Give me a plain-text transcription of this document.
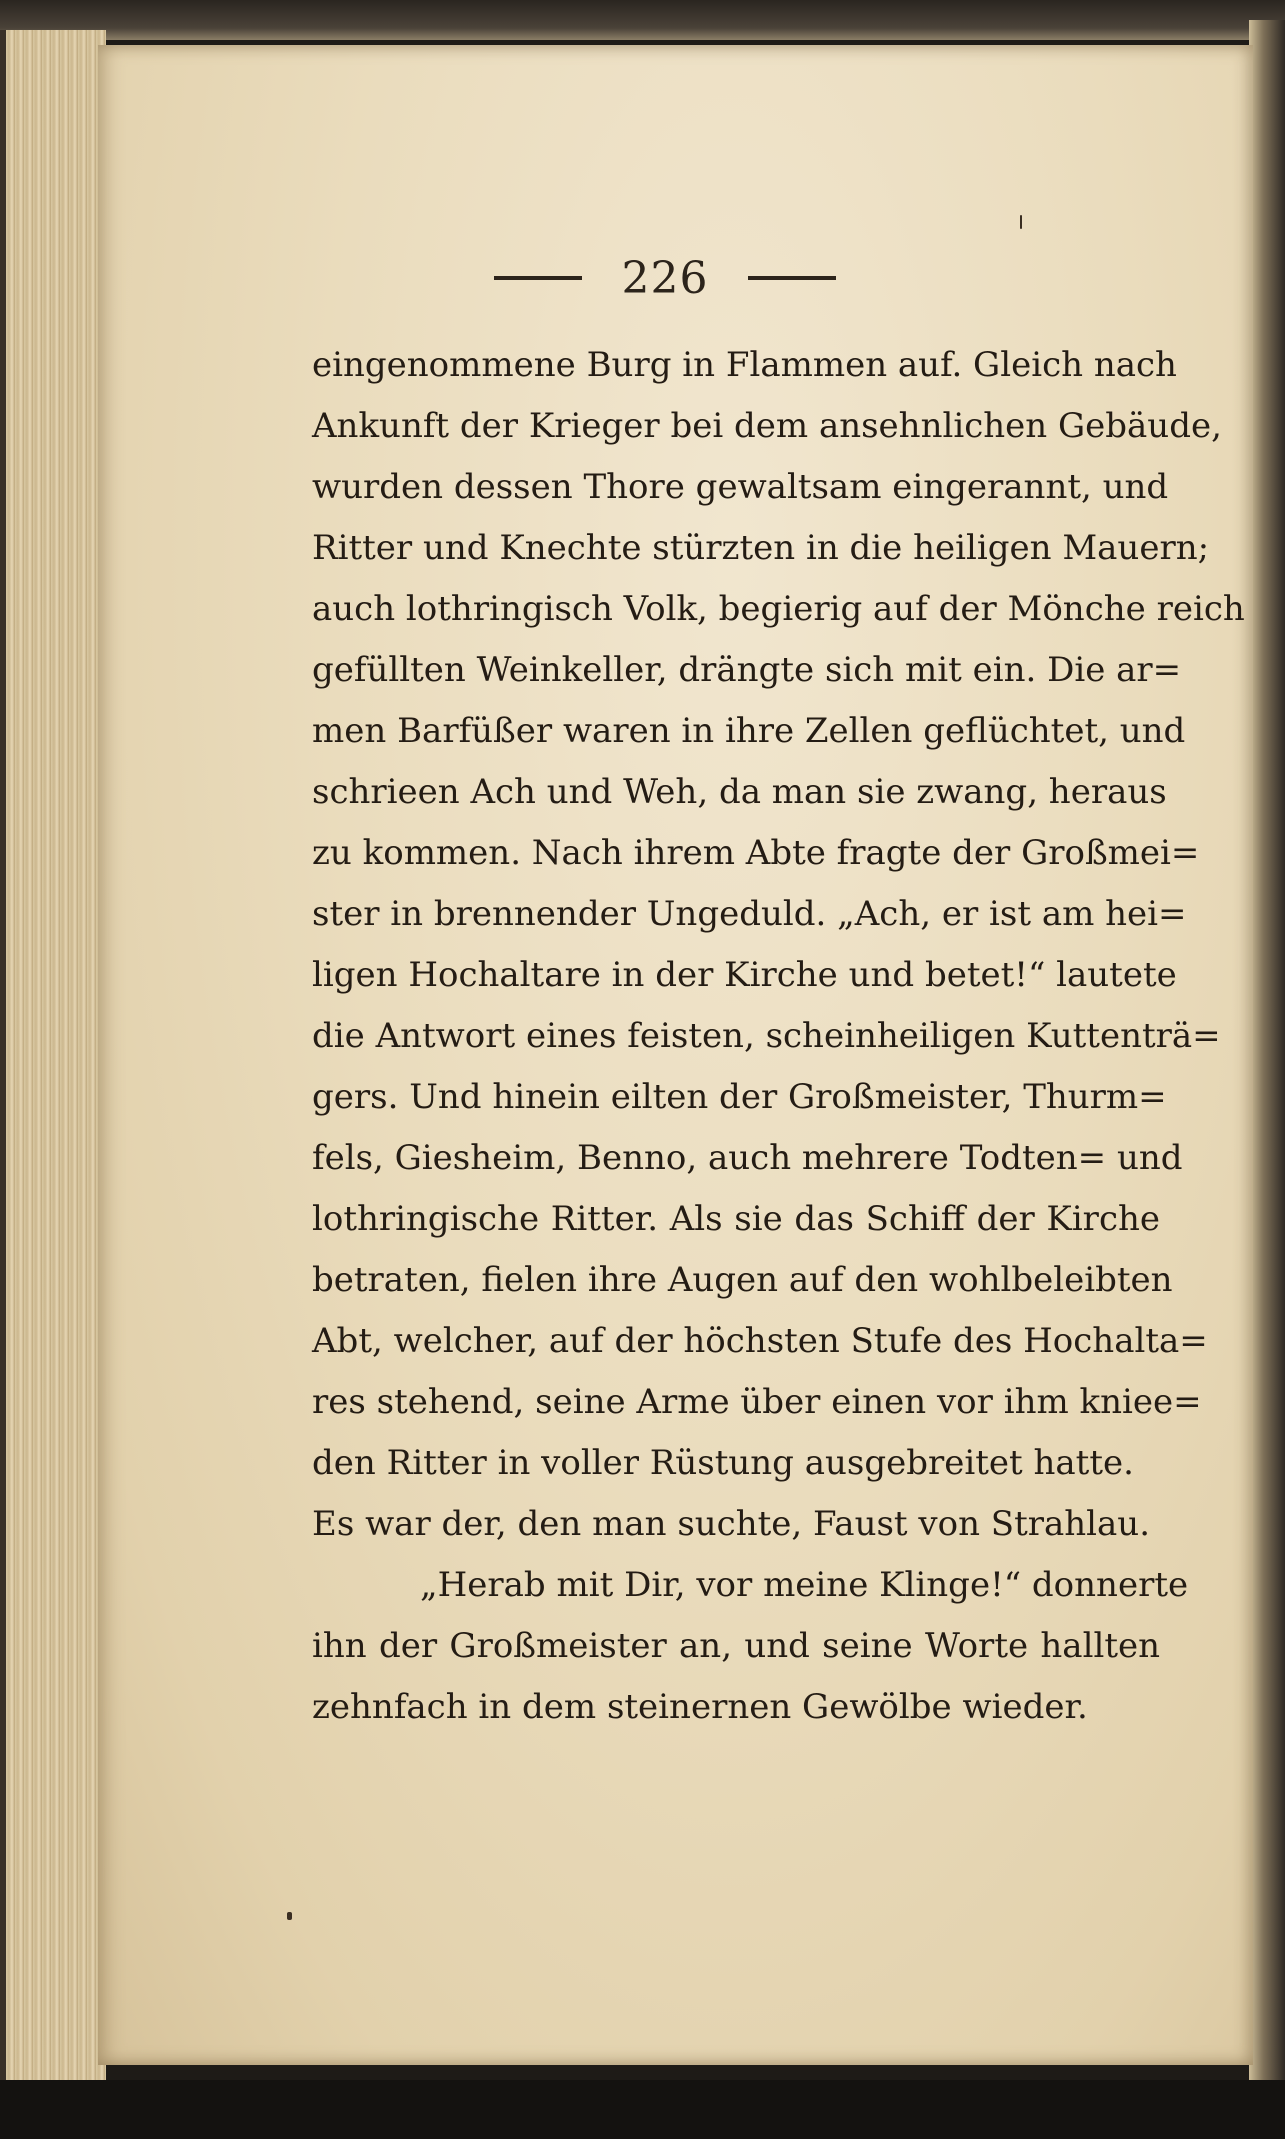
226
eingenommene Burg in Flammen auf. Gleich nach
Ankunft der Krieger bei dem ansehnlichen Gebäude,
wurden dessen Thore gewaltsam eingerannt, und
Ritter und Knechte stürzten in die heiligen Mauern;
auch lothringisch Volk, begierig auf der Mönche reich
gefüllten Weinkeller, drängte sich mit ein. Die ar=
men Barfüßer waren in ihre Zellen geflüchtet, und
schrieen Ach und Weh, da man sie zwang, heraus
zu kommen. Nach ihrem Abte fragte der Großmei=
ster in brennender Ungeduld. „Ach, er ist am hei=
ligen Hochaltare in der Kirche und betet!“ lautete
die Antwort eines feisten, scheinheiligen Kuttenträ=
gers. Und hinein eilten der Großmeister, Thurm=
fels, Giesheim, Benno, auch mehrere Todten= und
lothringische Ritter. Als sie das Schiff der Kirche
betraten, fielen ihre Augen auf den wohlbeleibten
Abt, welcher, auf der höchsten Stufe des Hochalta=
res stehend, seine Arme über einen vor ihm kniee=
den Ritter in voller Rüstung ausgebreitet hatte.
Es war der, den man suchte, Faust von Strahlau.
„Herab mit Dir, vor meine Klinge!“ donnerte
ihn der Großmeister an, und seine Worte hallten
zehnfach in dem steinernen Gewölbe wieder.
